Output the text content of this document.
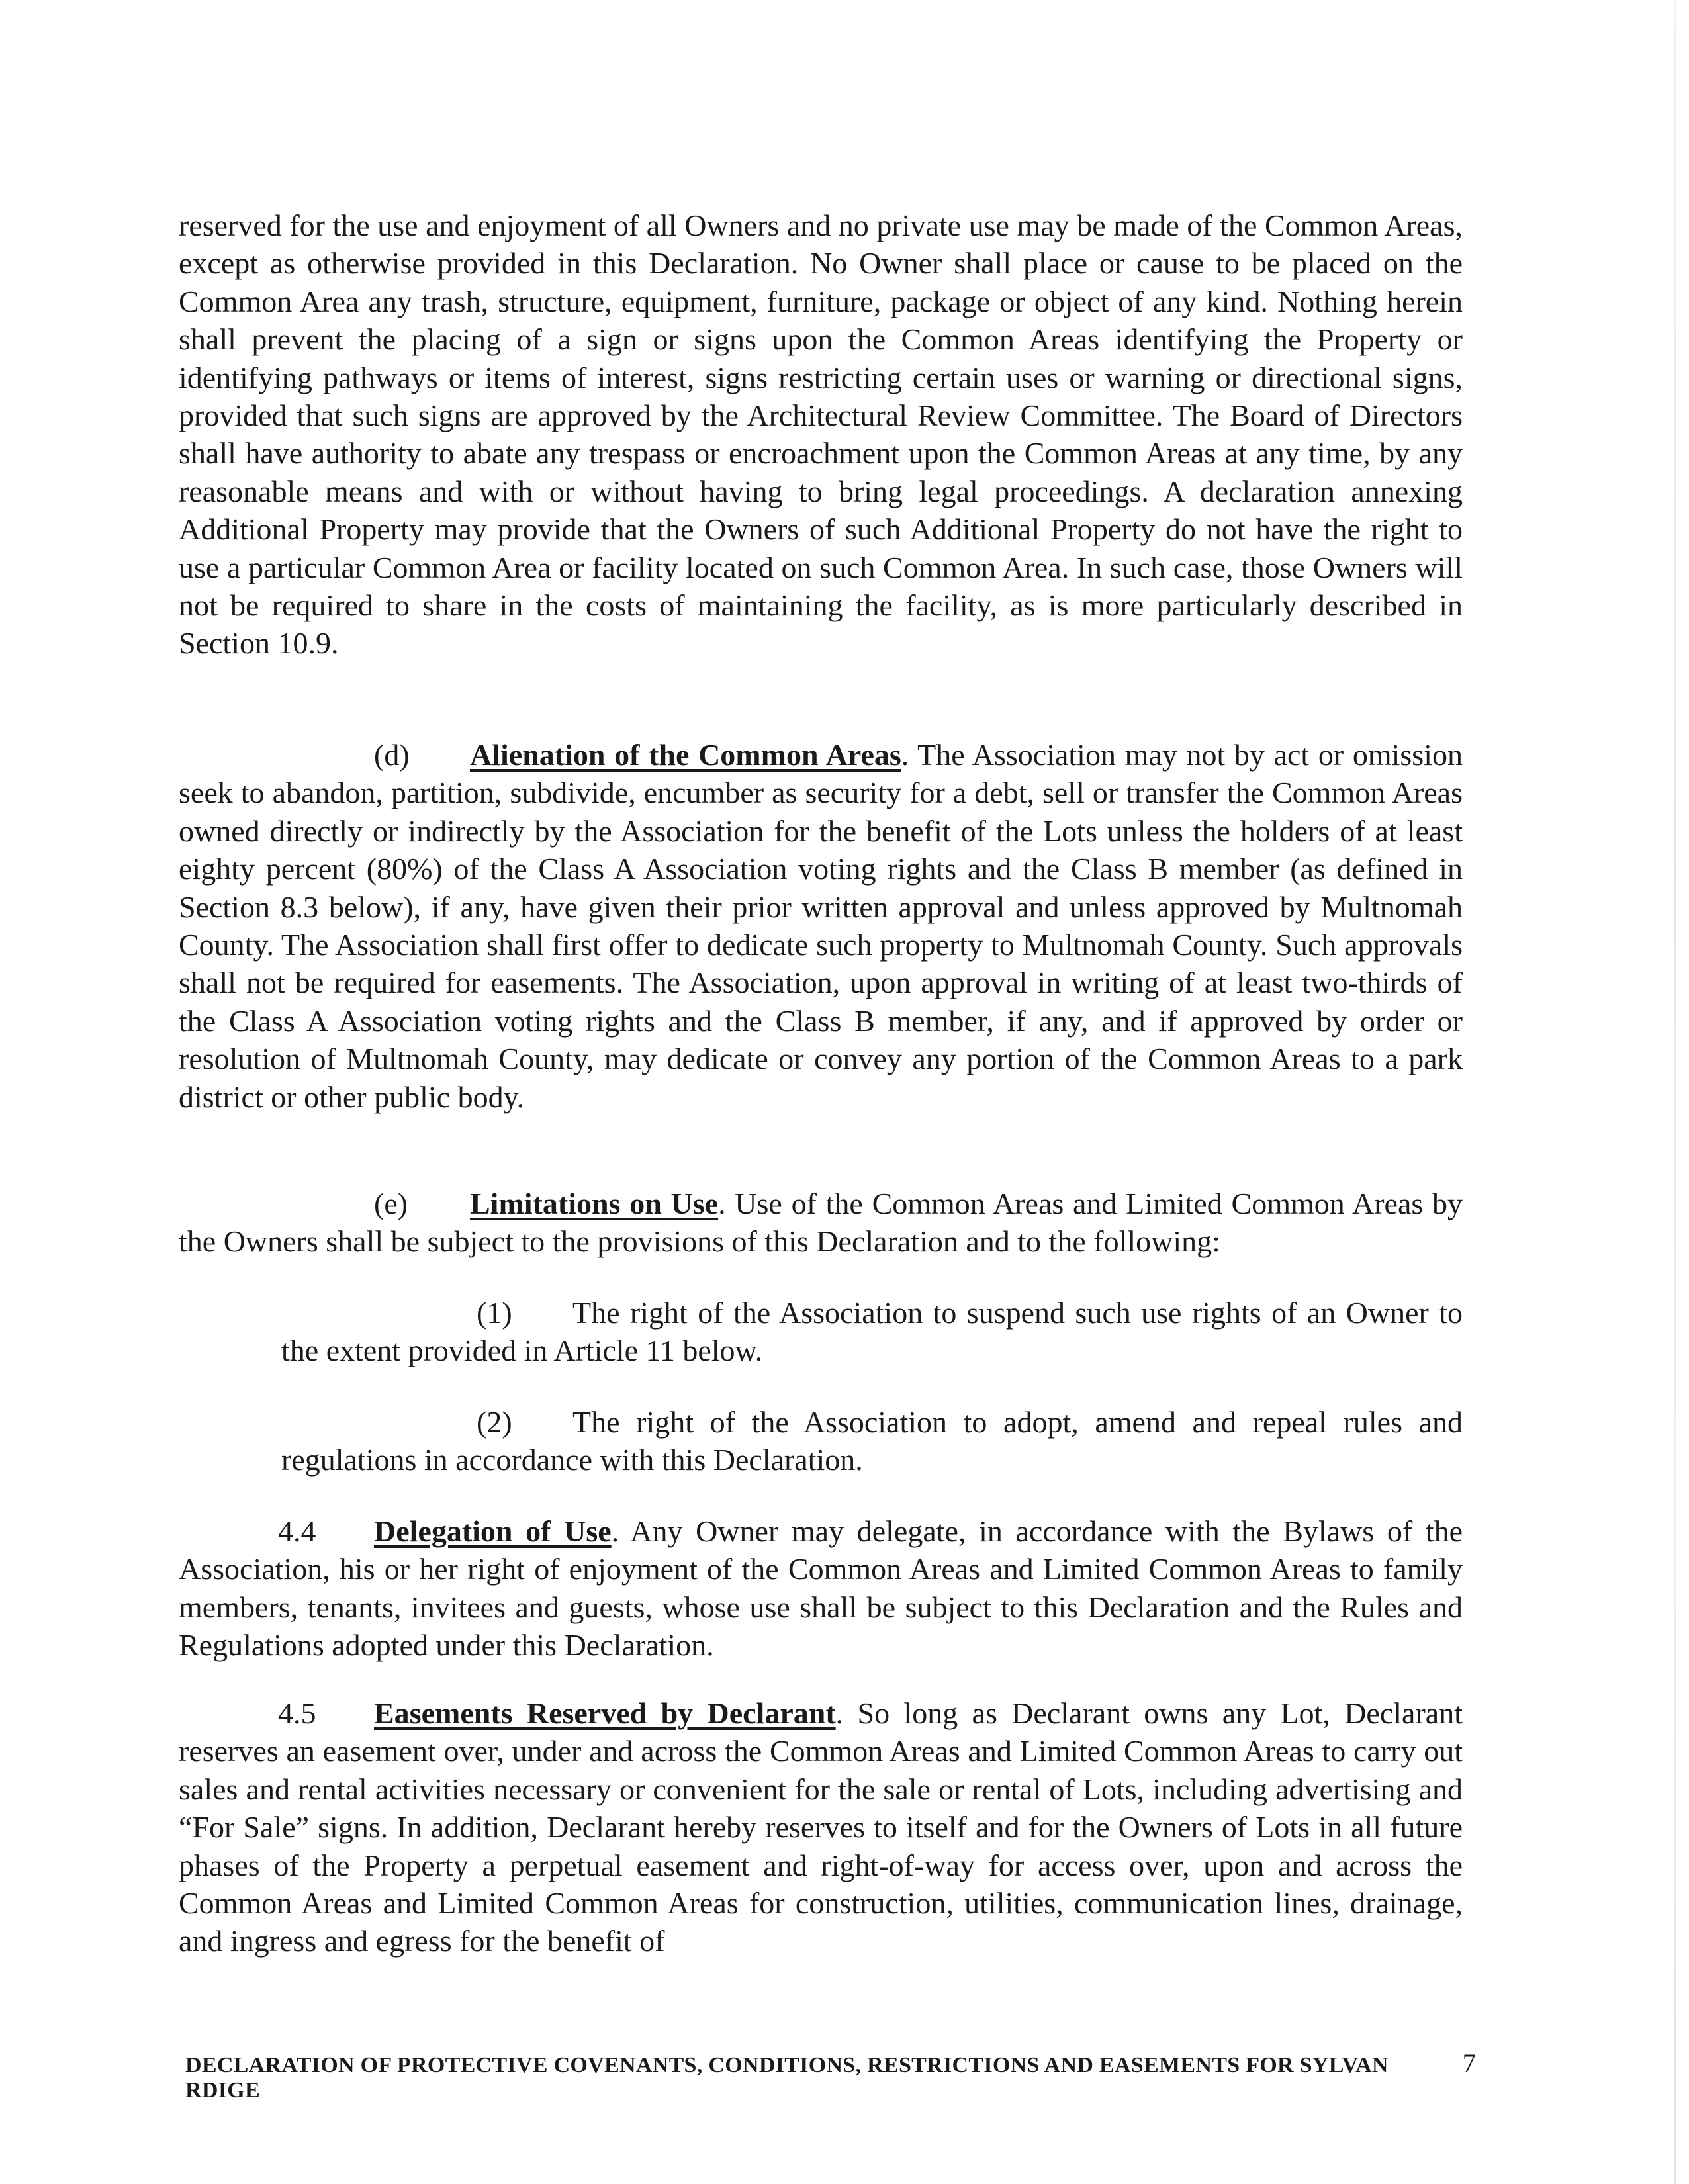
reserved for the use and enjoyment of all Owners and no private use may be made of the Common Areas, except as otherwise provided in this Declaration. No Owner shall place or cause to be placed on the Common Area any trash, structure, equipment, furniture, package or object of any kind. Nothing herein shall prevent the placing of a sign or signs upon the Common Areas identifying the Property or identifying pathways or items of interest, signs restricting certain uses or warning or directional signs, provided that such signs are approved by the Architectural Review Committee. The Board of Directors shall have authority to abate any trespass or encroachment upon the Common Areas at any time, by any reasonable means and with or without having to bring legal proceedings. A declaration annexing Additional Property may provide that the Owners of such Additional Property do not have the right to use a particular Common Area or facility located on such Common Area. In such case, those Owners will not be required to share in the costs of maintaining the facility, as is more particularly described in Section 10.9.

(d) Alienation of the Common Areas. The Association may not by act or omission seek to abandon, partition, subdivide, encumber as security for a debt, sell or transfer the Common Areas owned directly or indirectly by the Association for the benefit of the Lots unless the holders of at least eighty percent (80%) of the Class A Association voting rights and the Class B member (as defined in Section 8.3 below), if any, have given their prior written approval and unless approved by Multnomah County. The Association shall first offer to dedicate such property to Multnomah County. Such approvals shall not be required for easements. The Association, upon approval in writing of at least two-thirds of the Class A Association voting rights and the Class B member, if any, and if approved by order or resolution of Multnomah County, may dedicate or convey any portion of the Common Areas to a park district or other public body.

(e) Limitations on Use. Use of the Common Areas and Limited Common Areas by the Owners shall be subject to the provisions of this Declaration and to the following:

(1) The right of the Association to suspend such use rights of an Owner to the extent provided in Article 11 below.

(2) The right of the Association to adopt, amend and repeal rules and regulations in accordance with this Declaration.

4.4 Delegation of Use. Any Owner may delegate, in accordance with the Bylaws of the Association, his or her right of enjoyment of the Common Areas and Limited Common Areas to family members, tenants, invitees and guests, whose use shall be subject to this Declaration and the Rules and Regulations adopted under this Declaration.

4.5 Easements Reserved by Declarant. So long as Declarant owns any Lot, Declarant reserves an easement over, under and across the Common Areas and Limited Common Areas to carry out sales and rental activities necessary or convenient for the sale or rental of Lots, including advertising and “For Sale” signs. In addition, Declarant hereby reserves to itself and for the Owners of Lots in all future phases of the Property a perpetual easement and right-of-way for access over, upon and across the Common Areas and Limited Common Areas for construction, utilities, communication lines, drainage, and ingress and egress for the benefit of

DECLARATION OF PROTECTIVE COVENANTS, CONDITIONS, RESTRICTIONS AND EASEMENTS FOR SYLVAN RDIGE
7
